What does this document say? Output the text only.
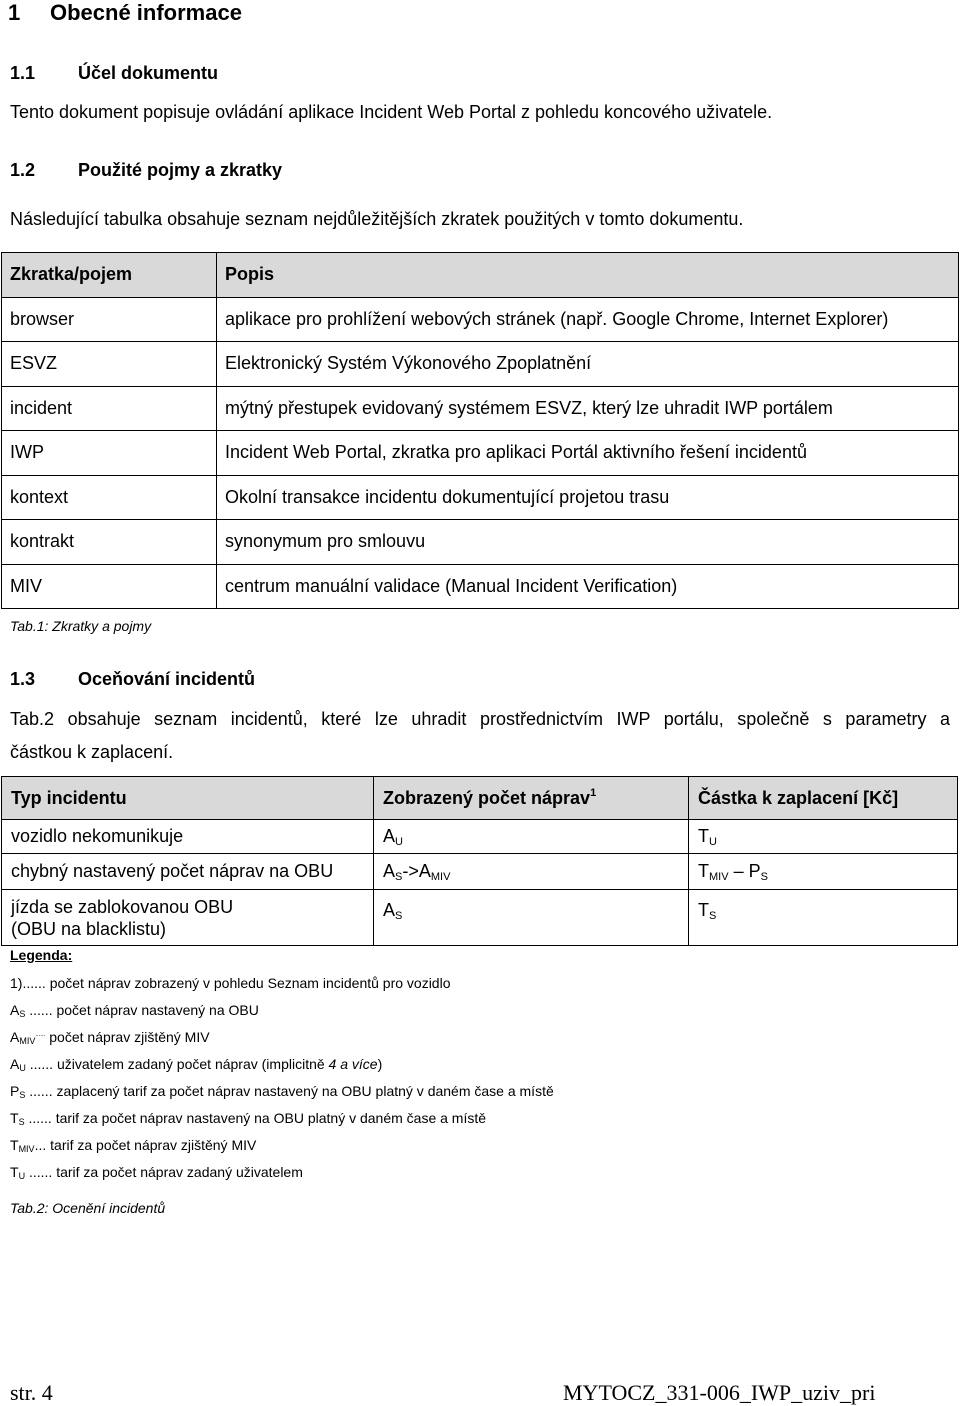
1 Obecné informace
1.1 Účel dokumentu
Tento dokument popisuje ovládání aplikace Incident Web Portal z pohledu koncového uživatele.
1.2 Použité pojmy a zkratky
Následující tabulka obsahuje seznam nejdůležitějších zkratek použitých v tomto dokumentu.
Zkratka/pojem	Popis
browser	aplikace pro prohlížení webových stránek (např. Google Chrome, Internet Explorer)
ESVZ	Elektronický Systém Výkonového Zpoplatnění
incident	mýtný přestupek evidovaný systémem ESVZ, který lze uhradit IWP portálem
IWP	Incident Web Portal, zkratka pro aplikaci Portál aktivního řešení incidentů
kontext	Okolní transakce incidentu dokumentující projetou trasu
kontrakt	synonymum pro smlouvu
MIV	centrum manuální validace (Manual Incident Verification)
Tab.1: Zkratky a pojmy
1.3 Oceňování incidentů
Tab.2 obsahuje seznam incidentů, které lze uhradit prostřednictvím IWP portálu, společně s parametry a
částkou k zaplacení.
Typ incidentu	Zobrazený počet náprav$^1$	Částka k zaplacení [Kč]
vozidlo nekomunikuje	$A_U$	$T_U$
chybný nastavený počet náprav na OBU	$A_S->A_{MIV}$	$T_{MIV} - P_S$

jízda se zablokovanou OBU
(OBU na blacklistu)	$A_S$	$T_S$
Legenda:
1)...... počet náprav zobrazený v pohledu Seznam incidentů pro vozidlo
$A_S$ ...... počet náprav nastavený na OBU
$A_{MIV}^{......}$ počet náprav zjištěný MIV
$A_U$ ...... uživatelem zadaný počet náprav (implicitně 4 a více)
$P_S$ ...... zaplacený tarif za počet náprav nastavený na OBU platný v daném čase a místě
$T_S$ ...... tarif za počet náprav nastavený na OBU platný v daném čase a místě
$T_{MIV}$... tarif za počet náprav zjištěný MIV
$T_U$ ...... tarif za počet náprav zadaný uživatelem
Tab.2: Ocenění incidentů
str. 4	MYTOCZ_331-006_IWP_uziv_pri
